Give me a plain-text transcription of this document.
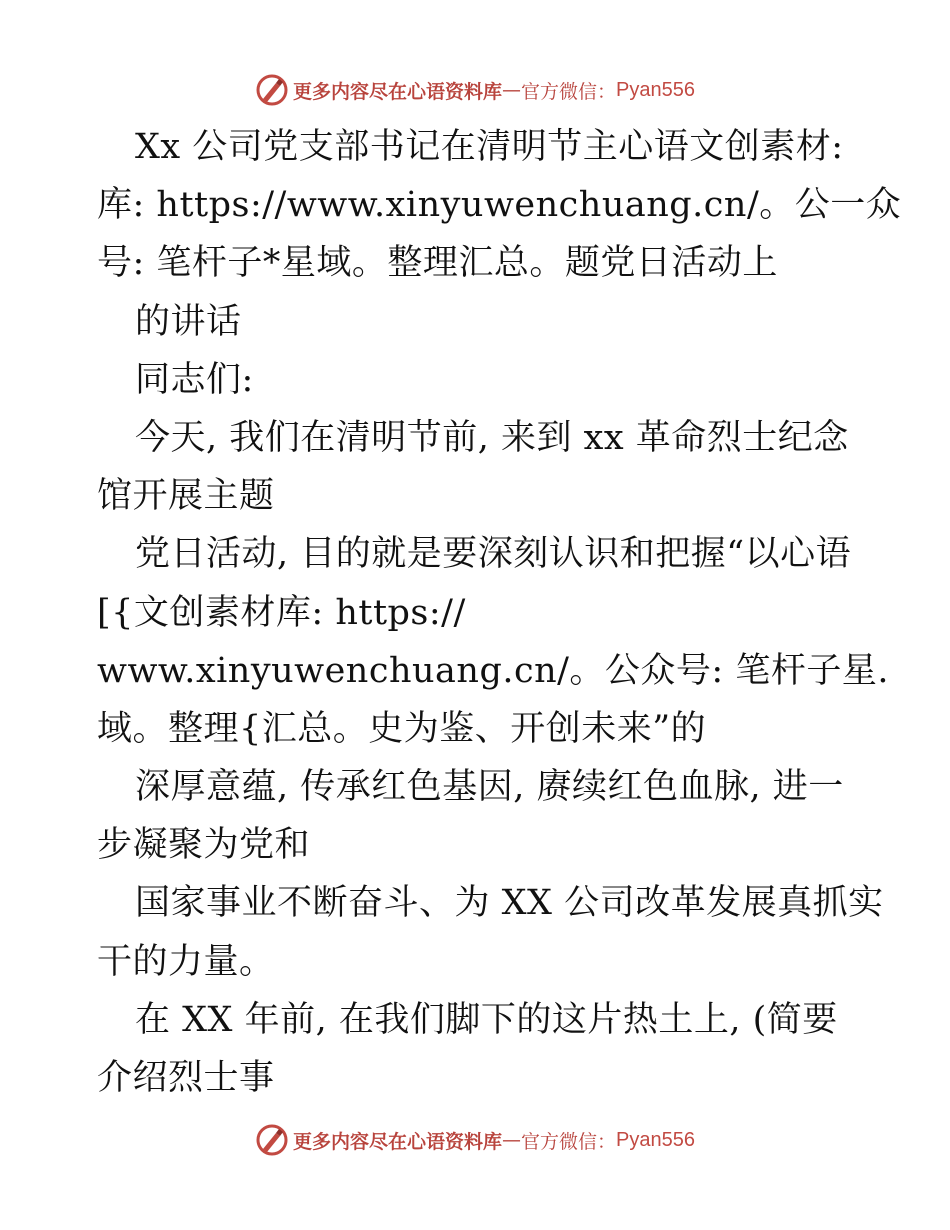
更多内容尽在心语资料库 — 官方微信： Pyan556
Xx 公司党支部书记在清明节主心语文创素材:
库: https://www.xinyuwenchuang.cn/。公一众
号: 笔杆子*星域。整理汇总。题党日活动上
的讲话
同志们:
今天, 我们在清明节前, 来到 xx 革命烈士纪念
馆开展主题
党日活动, 目的就是要深刻认识和把握“以心语
[{文创素材库: https://
www.xinyuwenchuang.cn/。公众号: 笔杆子星.
域。整理{汇总。史为鉴、开创未来”的
深厚意蕴, 传承红色基因, 赓续红色血脉, 进一
步凝聚为党和
国家事业不断奋斗、为 XX 公司改革发展真抓实
干的力量。
在 XX 年前, 在我们脚下的这片热土上, (简要
介绍烈士事
更多内容尽在心语资料库 — 官方微信： Pyan556
